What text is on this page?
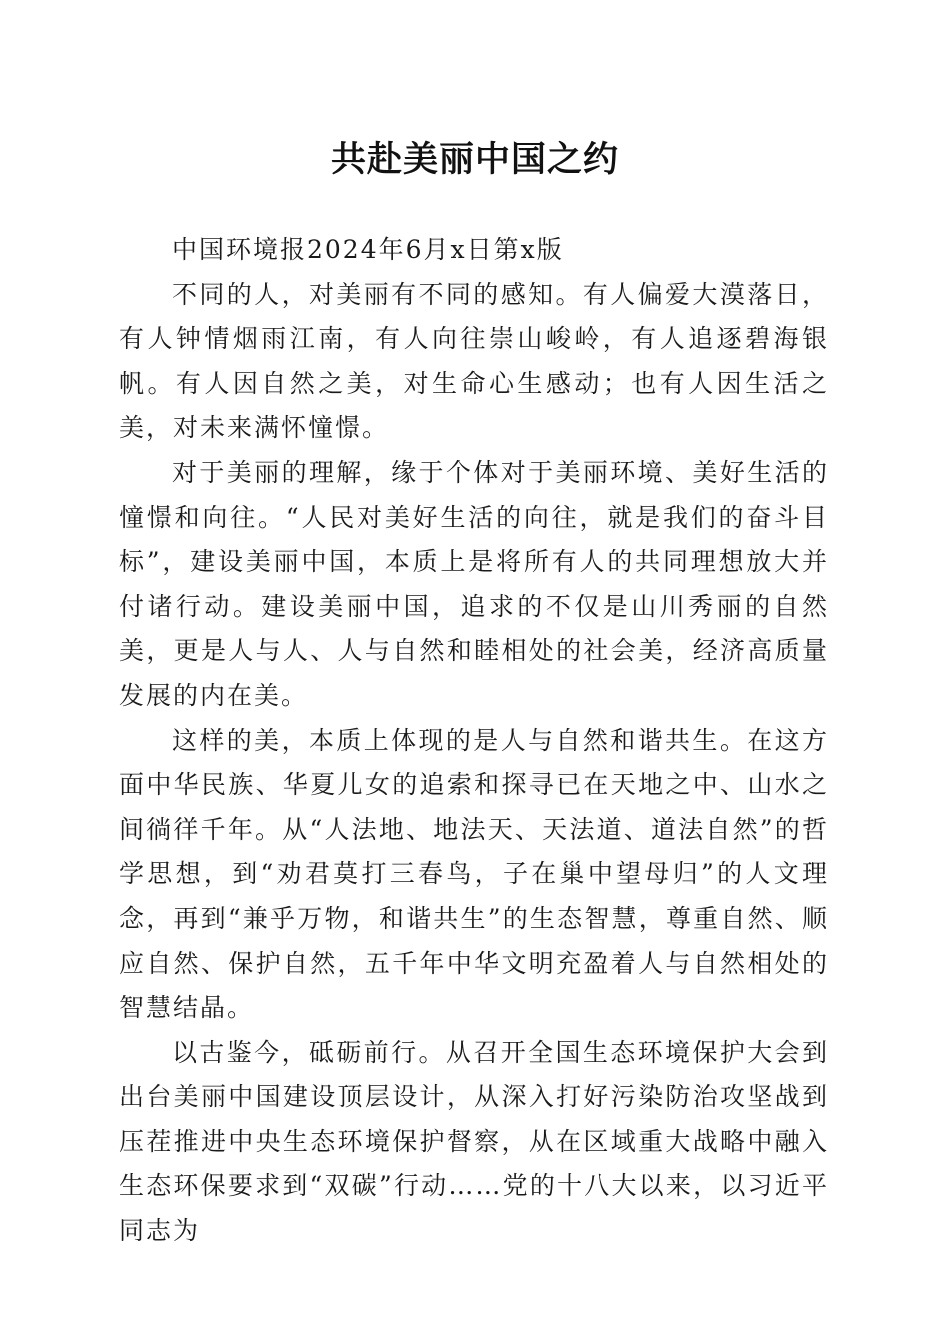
共赴美丽中国之约

中国环境报2024年6月x日第x版

不同的人，对美丽有不同的感知。有人偏爱大漠落日，有人钟情烟雨江南，有人向往崇山峻岭，有人追逐碧海银帆。有人因自然之美，对生命心生感动；也有人因生活之美，对未来满怀憧憬。

对于美丽的理解，缘于个体对于美丽环境、美好生活的憧憬和向往。“人民对美好生活的向往，就是我们的奋斗目标”，建设美丽中国，本质上是将所有人的共同理想放大并付诸行动。建设美丽中国，追求的不仅是山川秀丽的自然美，更是人与人、人与自然和睦相处的社会美，经济高质量发展的内在美。

这样的美，本质上体现的是人与自然和谐共生。在这方面中华民族、华夏儿女的追索和探寻已在天地之中、山水之间徜徉千年。从“人法地、地法天、天法道、道法自然”的哲学思想，到“劝君莫打三春鸟，子在巢中望母归”的人文理念，再到“兼乎万物，和谐共生”的生态智慧，尊重自然、顺应自然、保护自然，五千年中华文明充盈着人与自然相处的智慧结晶。

以古鉴今，砥砺前行。从召开全国生态环境保护大会到出台美丽中国建设顶层设计，从深入打好污染防治攻坚战到压茬推进中央生态环境保护督察，从在区域重大战略中融入生态环保要求到“双碳”行动……党的十八大以来，以习近平同志为
